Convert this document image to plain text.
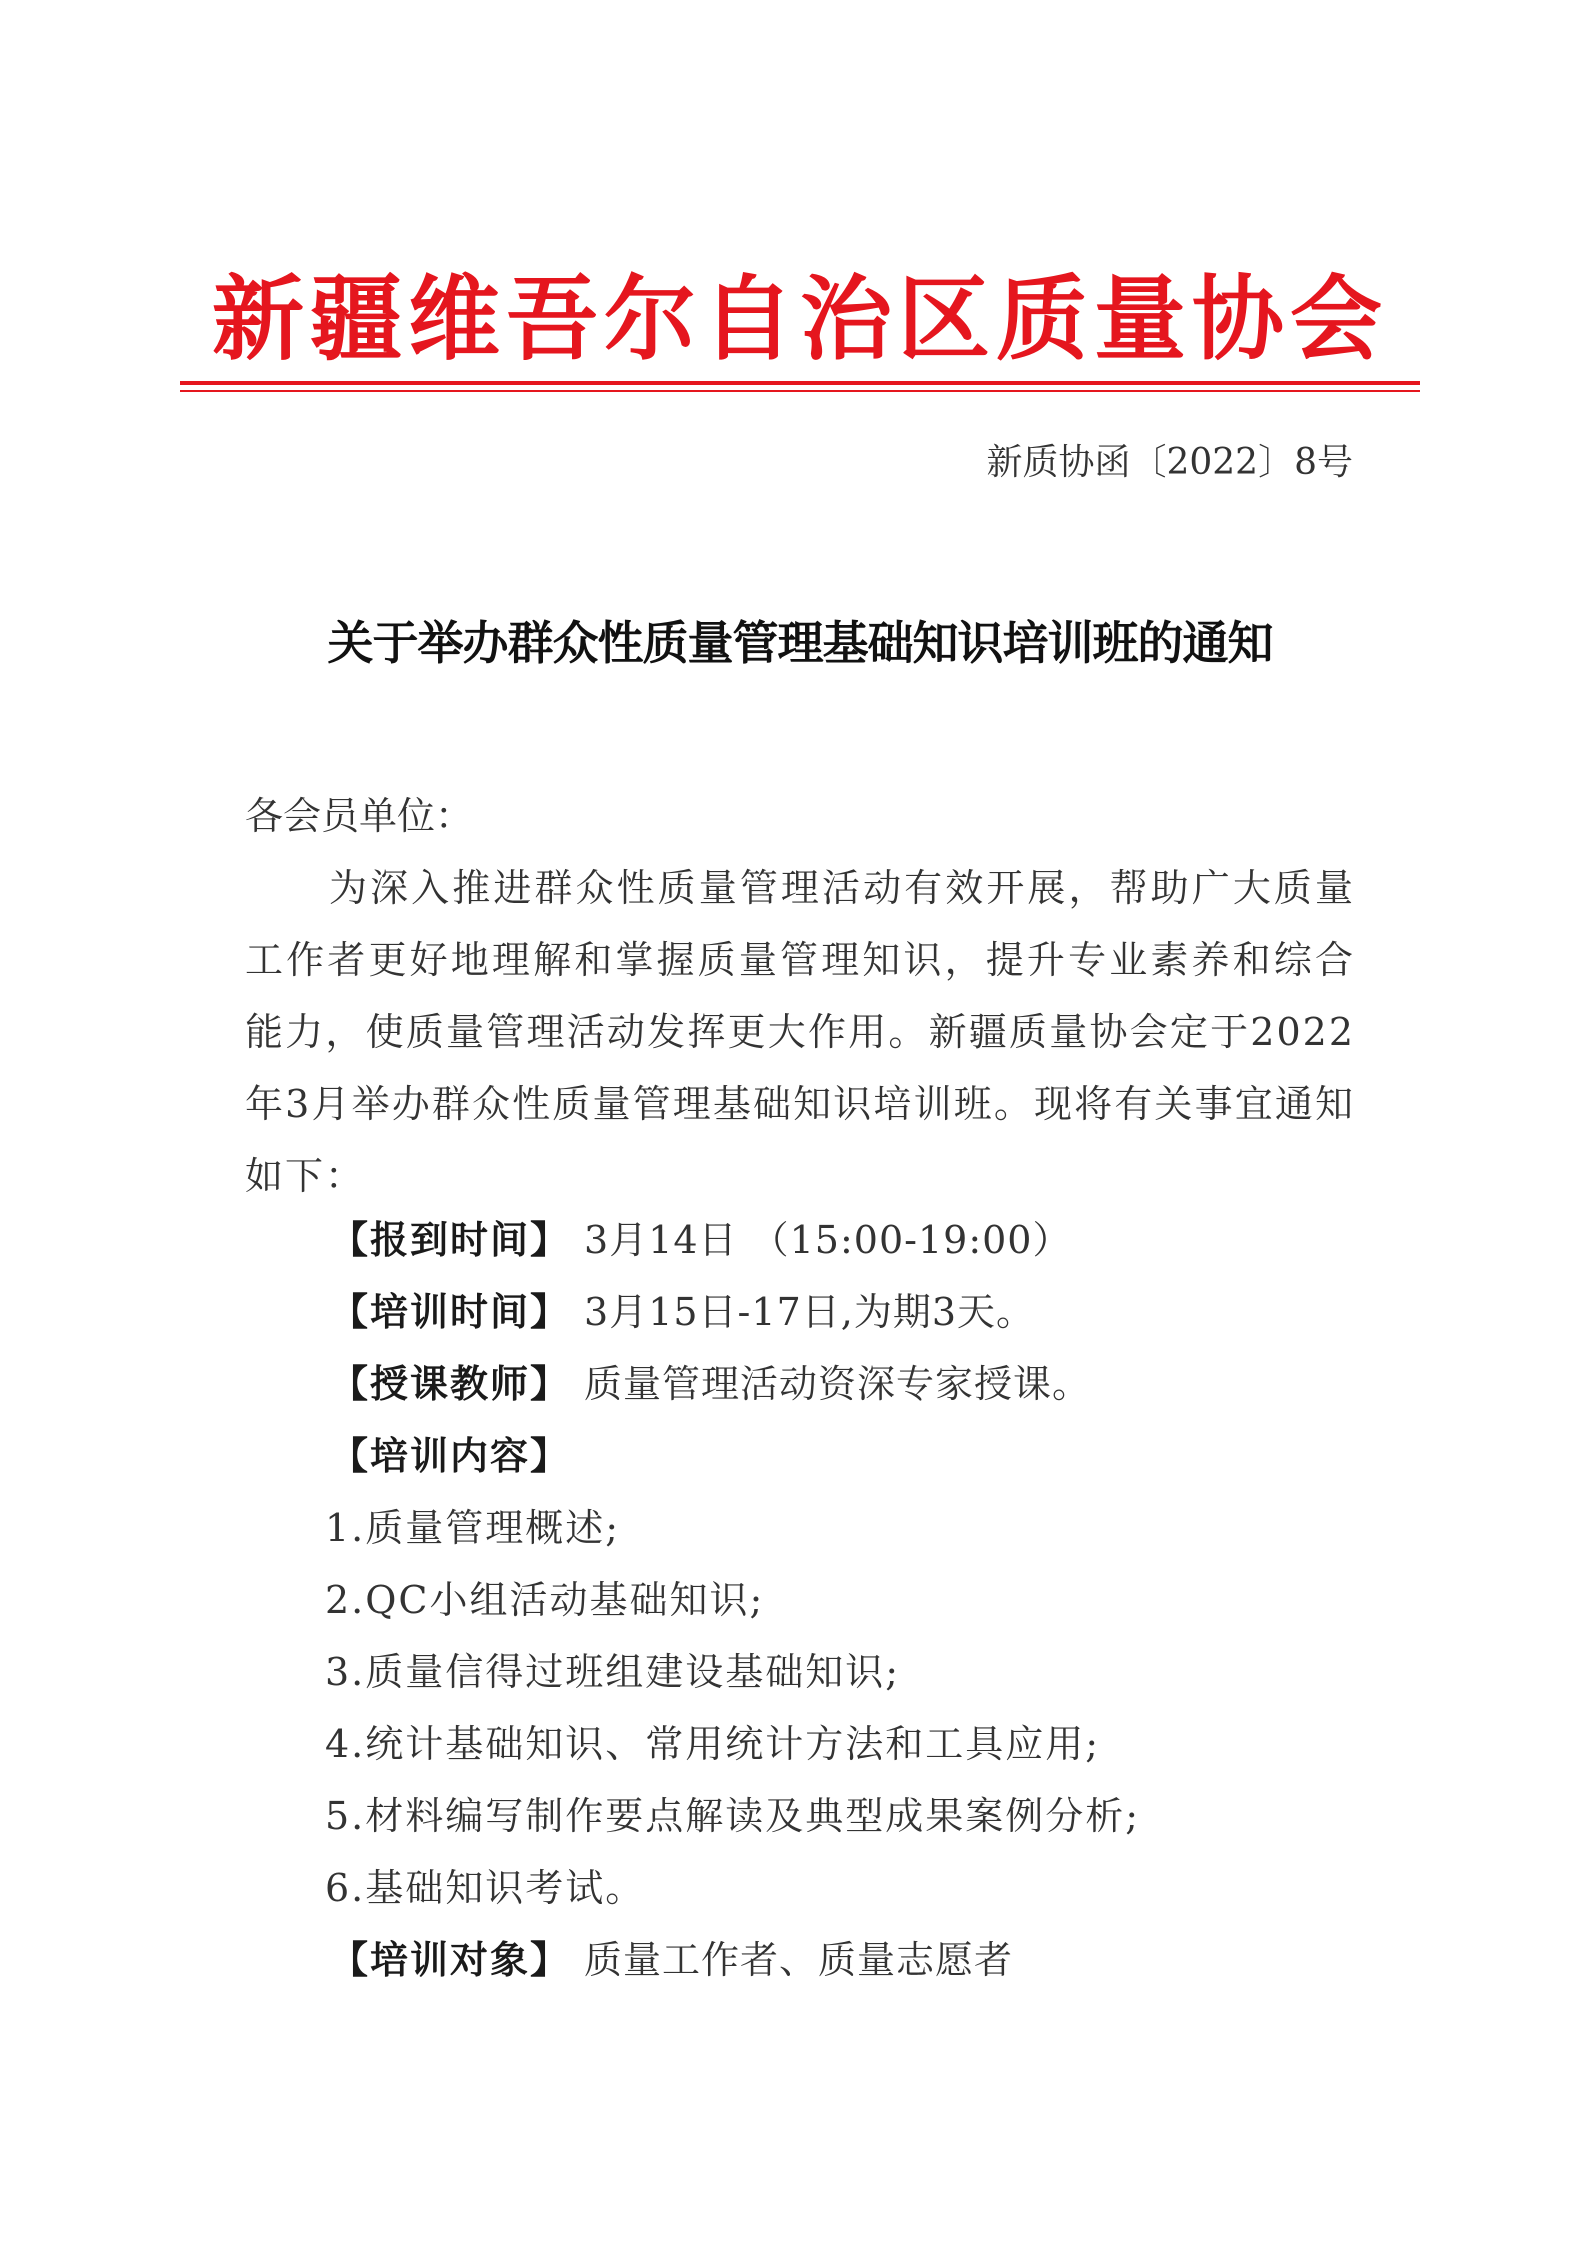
新疆维吾尔自治区质量协会
新质协函〔2022〕8号
关于举办群众性质量管理基础知识培训班的通知
各会员单位：
为深入推进群众性质量管理活动有效开展，帮助广大质量工作者更好地理解和掌握质量管理知识，提升专业素养和综合能力，使质量管理活动发挥更大作用。新疆质量协会定于2022年3月举办群众性质量管理基础知识培训班。现将有关事宜通知如下：
【报到时间】 3月14日 （15:00-19:00）
【培训时间】 3月15日-17日,为期3天。
【授课教师】 质量管理活动资深专家授课。
【培训内容】
1.质量管理概述;
2.QC小组活动基础知识;
3.质量信得过班组建设基础知识;
4.统计基础知识、常用统计方法和工具应用;
5.材料编写制作要点解读及典型成果案例分析;
6.基础知识考试。
【培训对象】 质量工作者、质量志愿者
